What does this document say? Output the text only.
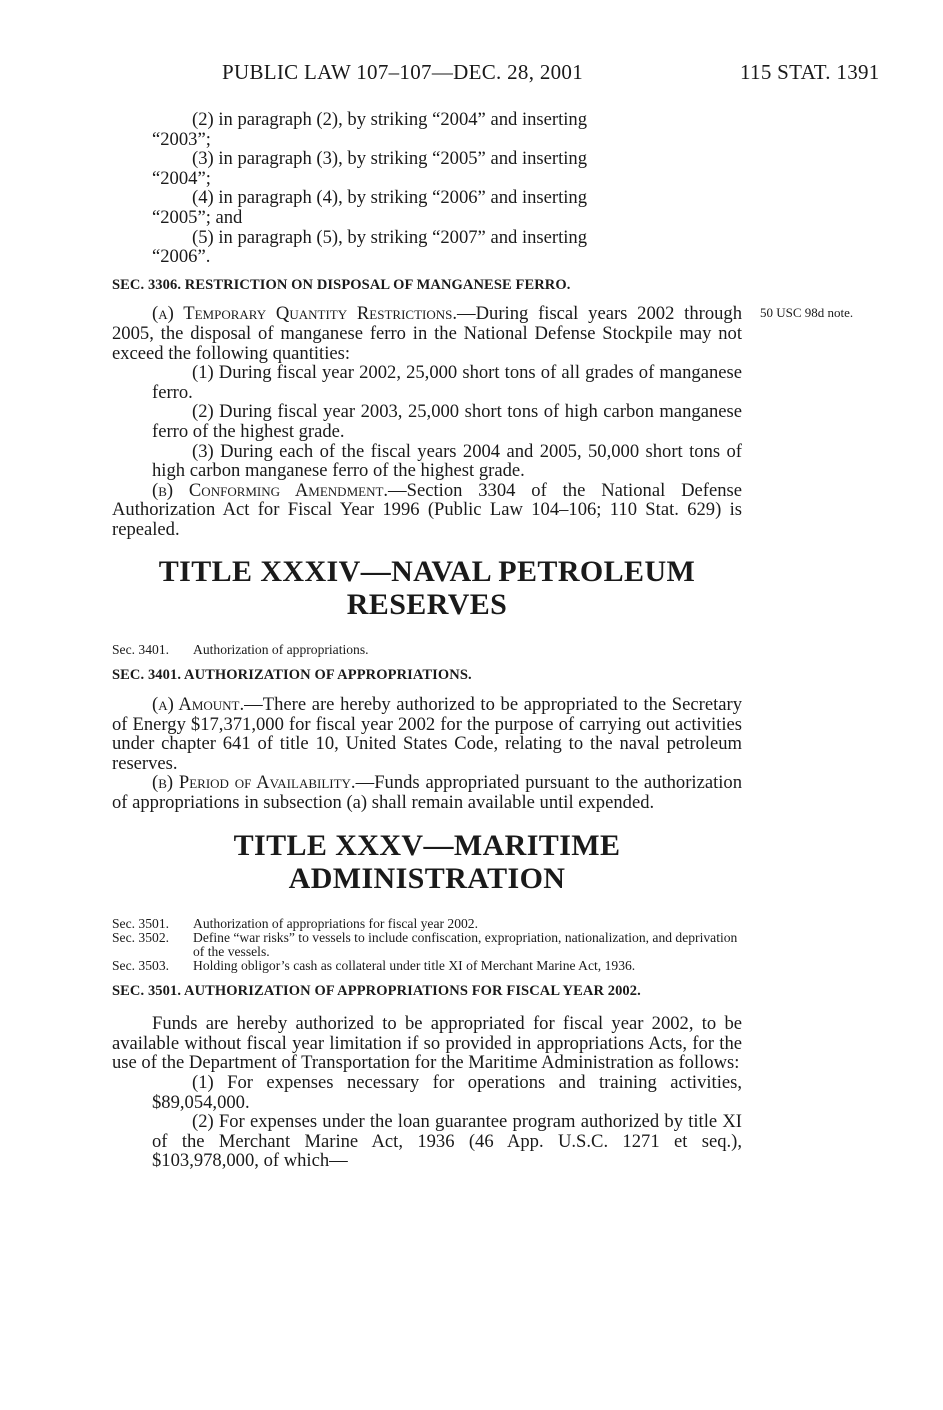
PUBLIC LAW 107–107—DEC. 28, 2001	115 STAT. 1391
50 USC 98d note.

(2) in paragraph (2), by striking “2004” and inserting

“2003”;

(3) in paragraph (3), by striking “2005” and inserting

“2004”;

(4) in paragraph (4), by striking “2006” and inserting

“2005”; and

(5) in paragraph (5), by striking “2007” and inserting

“2006”.

SEC. 3306. RESTRICTION ON DISPOSAL OF MANGANESE FERRO.

(a) Temporary Quantity Restrictions.—During fiscal years 2002 through 2005, the disposal of manganese ferro in the National Defense Stockpile may not exceed the following quantities:

(1) During fiscal year 2002, 25,000 short tons of all grades of manganese ferro.

(2) During fiscal year 2003, 25,000 short tons of high carbon manganese ferro of the highest grade.

(3) During each of the fiscal years 2004 and 2005, 50,000 short tons of high carbon manganese ferro of the highest grade.

(b) Conforming Amendment.—Section 3304 of the National Defense Authorization Act for Fiscal Year 1996 (Public Law 104–106; 110 Stat. 629) is repealed.

TITLE XXXIV—NAVAL PETROLEUM
RESERVES
Sec. 3401. Authorization of appropriations.
SEC. 3401. AUTHORIZATION OF APPROPRIATIONS.

(a) Amount.—There are hereby authorized to be appropriated to the Secretary of Energy $17,371,000 for fiscal year 2002 for the purpose of carrying out activities under chapter 641 of title 10, United States Code, relating to the naval petroleum reserves.

(b) Period of Availability.—Funds appropriated pursuant to the authorization of appropriations in subsection (a) shall remain available until expended.

TITLE XXXV—MARITIME
ADMINISTRATION
Sec. 3501. Authorization of appropriations for fiscal year 2002.
Sec. 3502. Define “war risks” to vessels to include confiscation, expropriation, nationalization, and deprivation of the vessels.
Sec. 3503. Holding obligor’s cash as collateral under title XI of Merchant Marine Act, 1936.
SEC. 3501. AUTHORIZATION OF APPROPRIATIONS FOR FISCAL YEAR 2002.

Funds are hereby authorized to be appropriated for fiscal year 2002, to be available without fiscal year limitation if so provided in appropriations Acts, for the use of the Department of Transportation for the Maritime Administration as follows:

(1) For expenses necessary for operations and training activities, $89,054,000.

(2) For expenses under the loan guarantee program authorized by title XI of the Merchant Marine Act, 1936 (46 App. U.S.C. 1271 et seq.), $103,978,000, of which—
